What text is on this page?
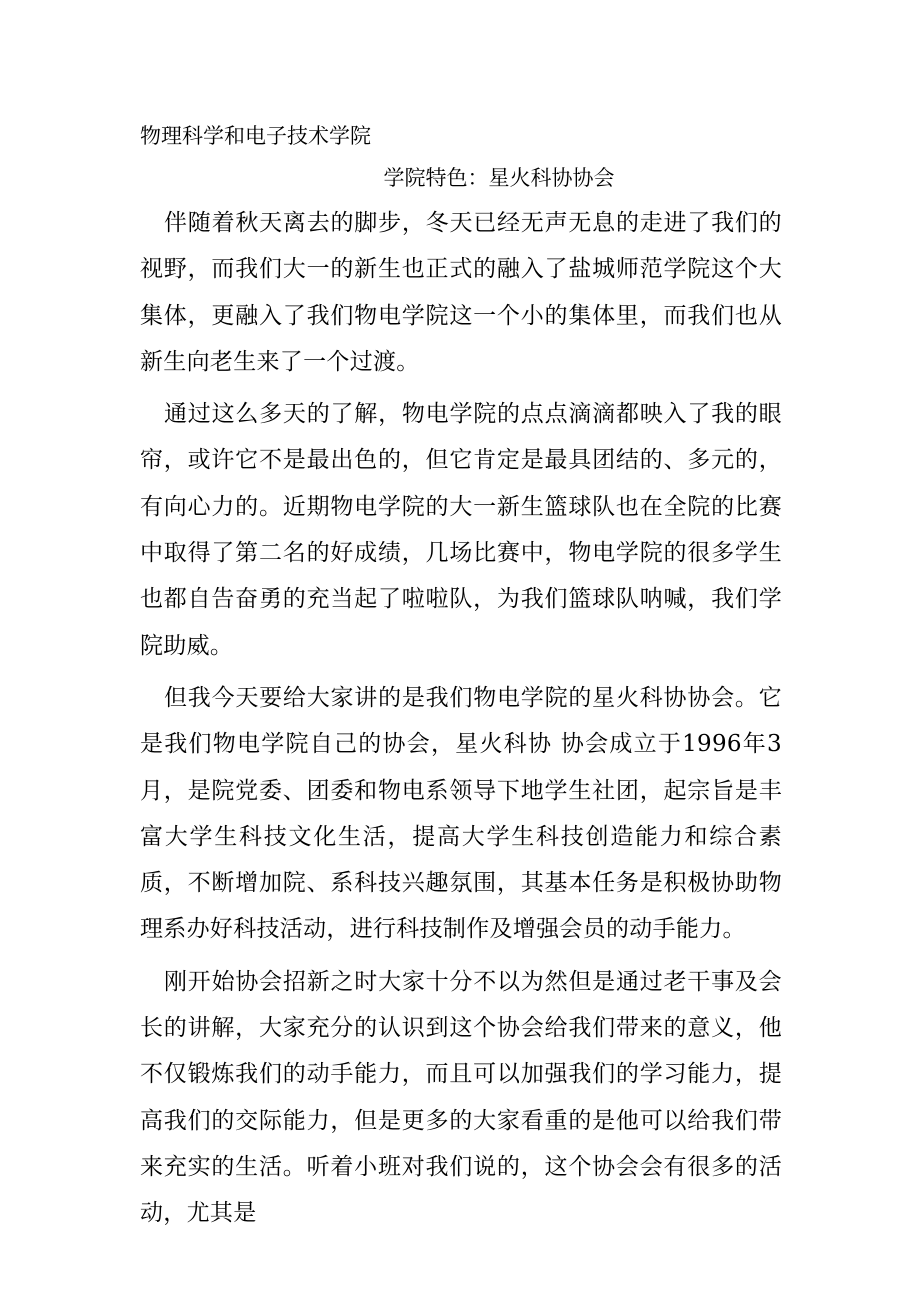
物理科学和电子技术学院
学院特色：星火科协协会

伴随着秋天离去的脚步，冬天已经无声无息的走进了我们的视野，而我们大一的新生也正式的融入了盐城师范学院这个大集体，更融入了我们物电学院这一个小的集体里，而我们也从新生向老生来了一个过渡。

通过这么多天的了解，物电学院的点点滴滴都映入了我的眼帘，或许它不是最出色的，但它肯定是最具团结的、多元的，有向心力的。近期物电学院的大一新生篮球队也在全院的比赛中取得了第二名的好成绩，几场比赛中，物电学院的很多学生也都自告奋勇的充当起了啦啦队，为我们篮球队呐喊，我们学院助威。

但我今天要给大家讲的是我们物电学院的星火科协协会。它是我们物电学院自己的协会，星火科协 协会成立于1996年3月，是院党委、团委和物电系领导下地学生社团，起宗旨是丰富大学生科技文化生活，提高大学生科技创造能力和综合素质，不断增加院、系科技兴趣氛围，其基本任务是积极协助物理系办好科技活动，进行科技制作及增强会员的动手能力。

刚开始协会招新之时大家十分不以为然但是通过老干事及会长的讲解，大家充分的认识到这个协会给我们带来的意义，他不仅锻炼我们的动手能力，而且可以加强我们的学习能力，提高我们的交际能力，但是更多的大家看重的是他可以给我们带来充实的生活。听着小班对我们说的，这个协会会有很多的活动，尤其是
